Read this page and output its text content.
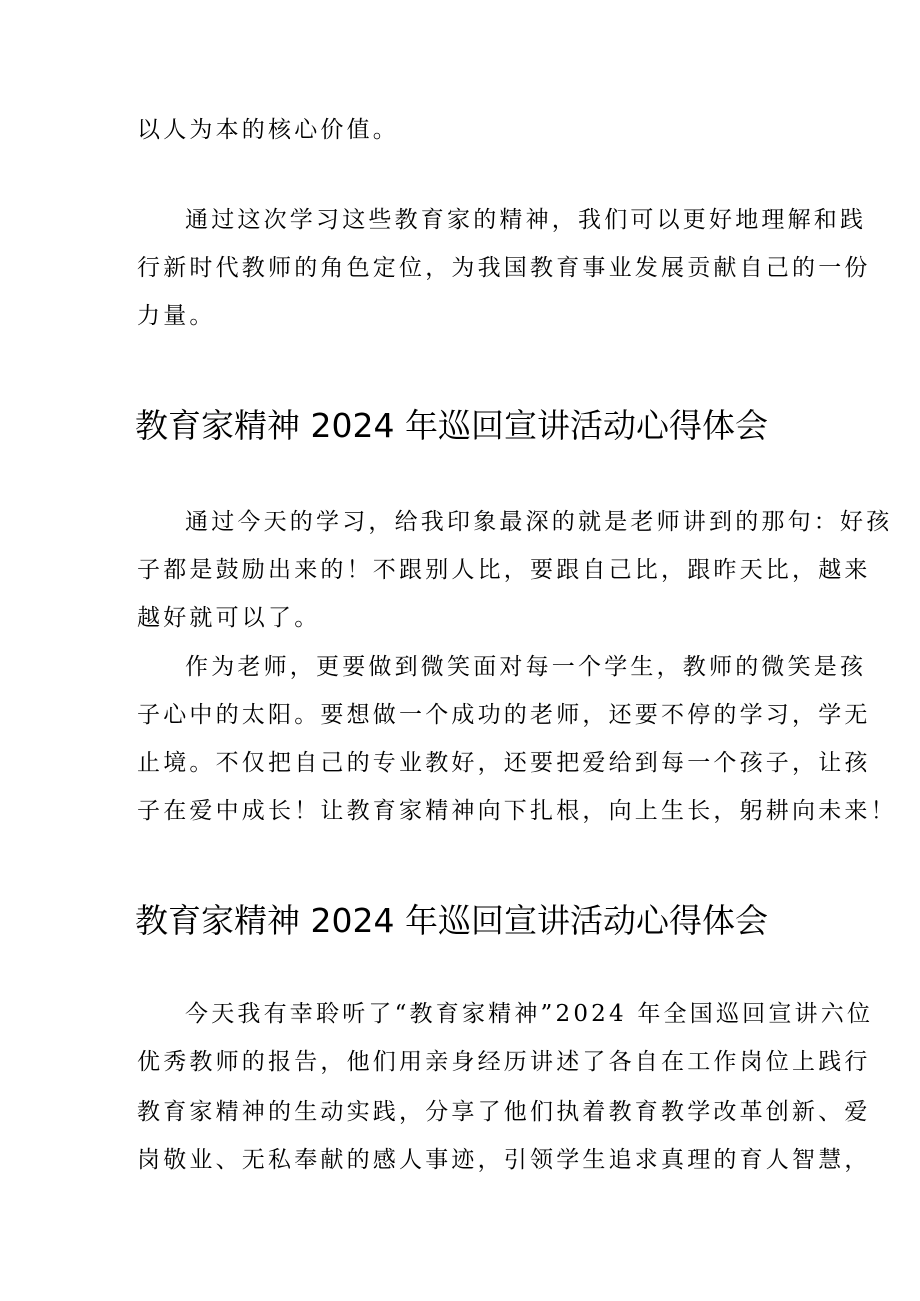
以人为本的核心价值。
通过这次学习这些教育家的精神，我们可以更好地理解和践
行新时代教师的角色定位，为我国教育事业发展贡献自己的一份
力量。
教育家精神 2024 年巡回宣讲活动心得体会
通过今天的学习，给我印象最深的就是老师讲到的那句：好孩
子都是鼓励出来的！不跟别人比，要跟自己比，跟昨天比，越来
越好就可以了。
作为老师，更要做到微笑面对每一个学生，教师的微笑是孩
子心中的太阳。要想做一个成功的老师，还要不停的学习，学无
止境。不仅把自己的专业教好，还要把爱给到每一个孩子，让孩
子在爱中成长！让教育家精神向下扎根，向上生长，躬耕向未来！
教育家精神 2024 年巡回宣讲活动心得体会
今天我有幸聆听了“教育家精神”2024 年全国巡回宣讲六位
优秀教师的报告，他们用亲身经历讲述了各自在工作岗位上践行
教育家精神的生动实践，分享了他们执着教育教学改革创新、爱
岗敬业、无私奉献的感人事迹，引领学生追求真理的育人智慧，
